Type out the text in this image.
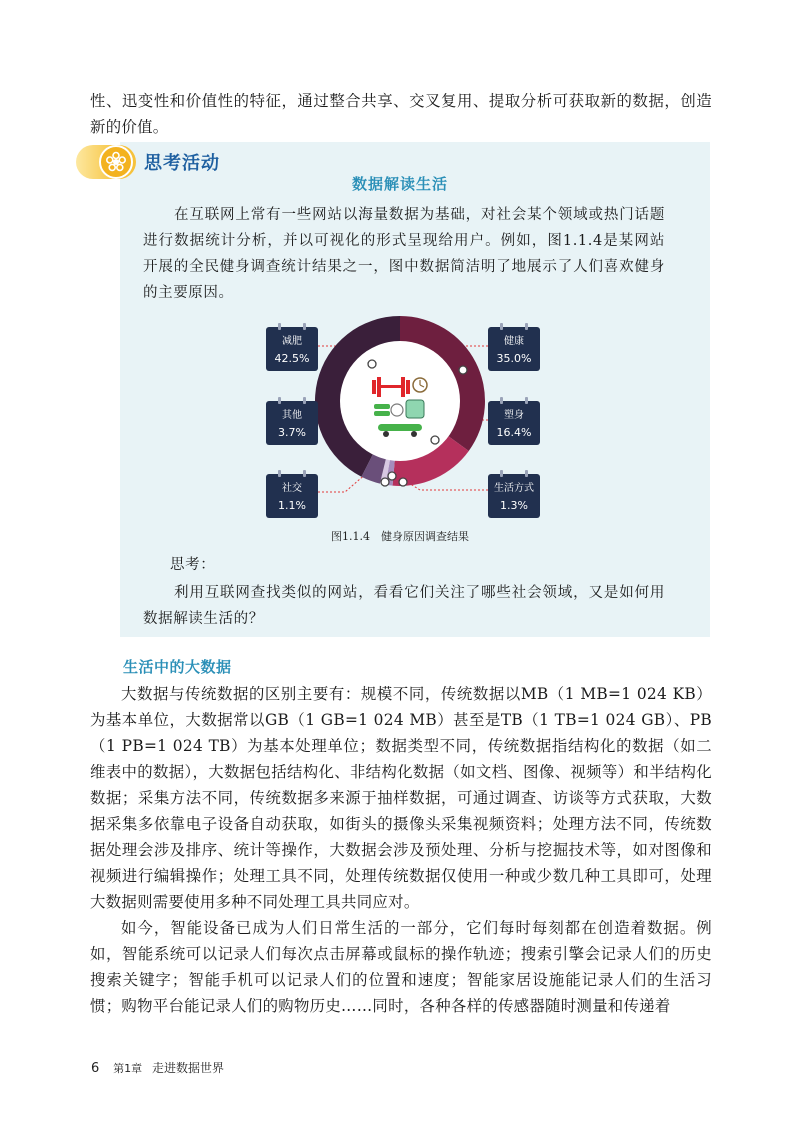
性、迅变性和价值性的特征，通过整合共享、交叉复用、提取分析可获取新的数据，创造新的价值。

思考活动
数据解读生活

在互联网上常有一些网站以海量数据为基础，对社会某个领域或热门话题进行数据统计分析，并以可视化的形式呈现给用户。例如，图1.1.4是某网站开展的全民健身调查统计结果之一，图中数据简洁明了地展示了人们喜欢健身的主要原因。

减肥
42.5%
其他
3.7%
社交
1.1%
健康
35.0%
塑身
16.4%
生活方式
1.3%
图1.1.4　健身原因调查结果

思考：

利用互联网查找类似的网站，看看它们关注了哪些社会领域，又是如何用数据解读生活的？

生活中的大数据

大数据与传统数据的区别主要有：规模不同，传统数据以MB（1 MB=1 024 KB）为基本单位，大数据常以GB（1 GB=1 024 MB）甚至是TB（1 TB=1 024 GB）、PB（1 PB=1 024 TB）为基本处理单位；数据类型不同，传统数据指结构化的数据（如二维表中的数据），大数据包括结构化、非结构化数据（如文档、图像、视频等）和半结构化数据；采集方法不同，传统数据多来源于抽样数据，可通过调查、访谈等方式获取，大数据采集多依靠电子设备自动获取，如街头的摄像头采集视频资料；处理方法不同，传统数据处理会涉及排序、统计等操作，大数据会涉及预处理、分析与挖掘技术等，如对图像和视频进行编辑操作；处理工具不同，处理传统数据仅使用一种或少数几种工具即可，处理大数据则需要使用多种不同处理工具共同应对。

如今，智能设备已成为人们日常生活的一部分，它们每时每刻都在创造着数据。例如，智能系统可以记录人们每次点击屏幕或鼠标的操作轨迹；搜索引擎会记录人们的历史搜索关键字；智能手机可以记录人们的位置和速度；智能家居设施能记录人们的生活习惯；购物平台能记录人们的购物历史……同时，各种各样的传感器随时测量和传递着

6 第1章 走进数据世界
